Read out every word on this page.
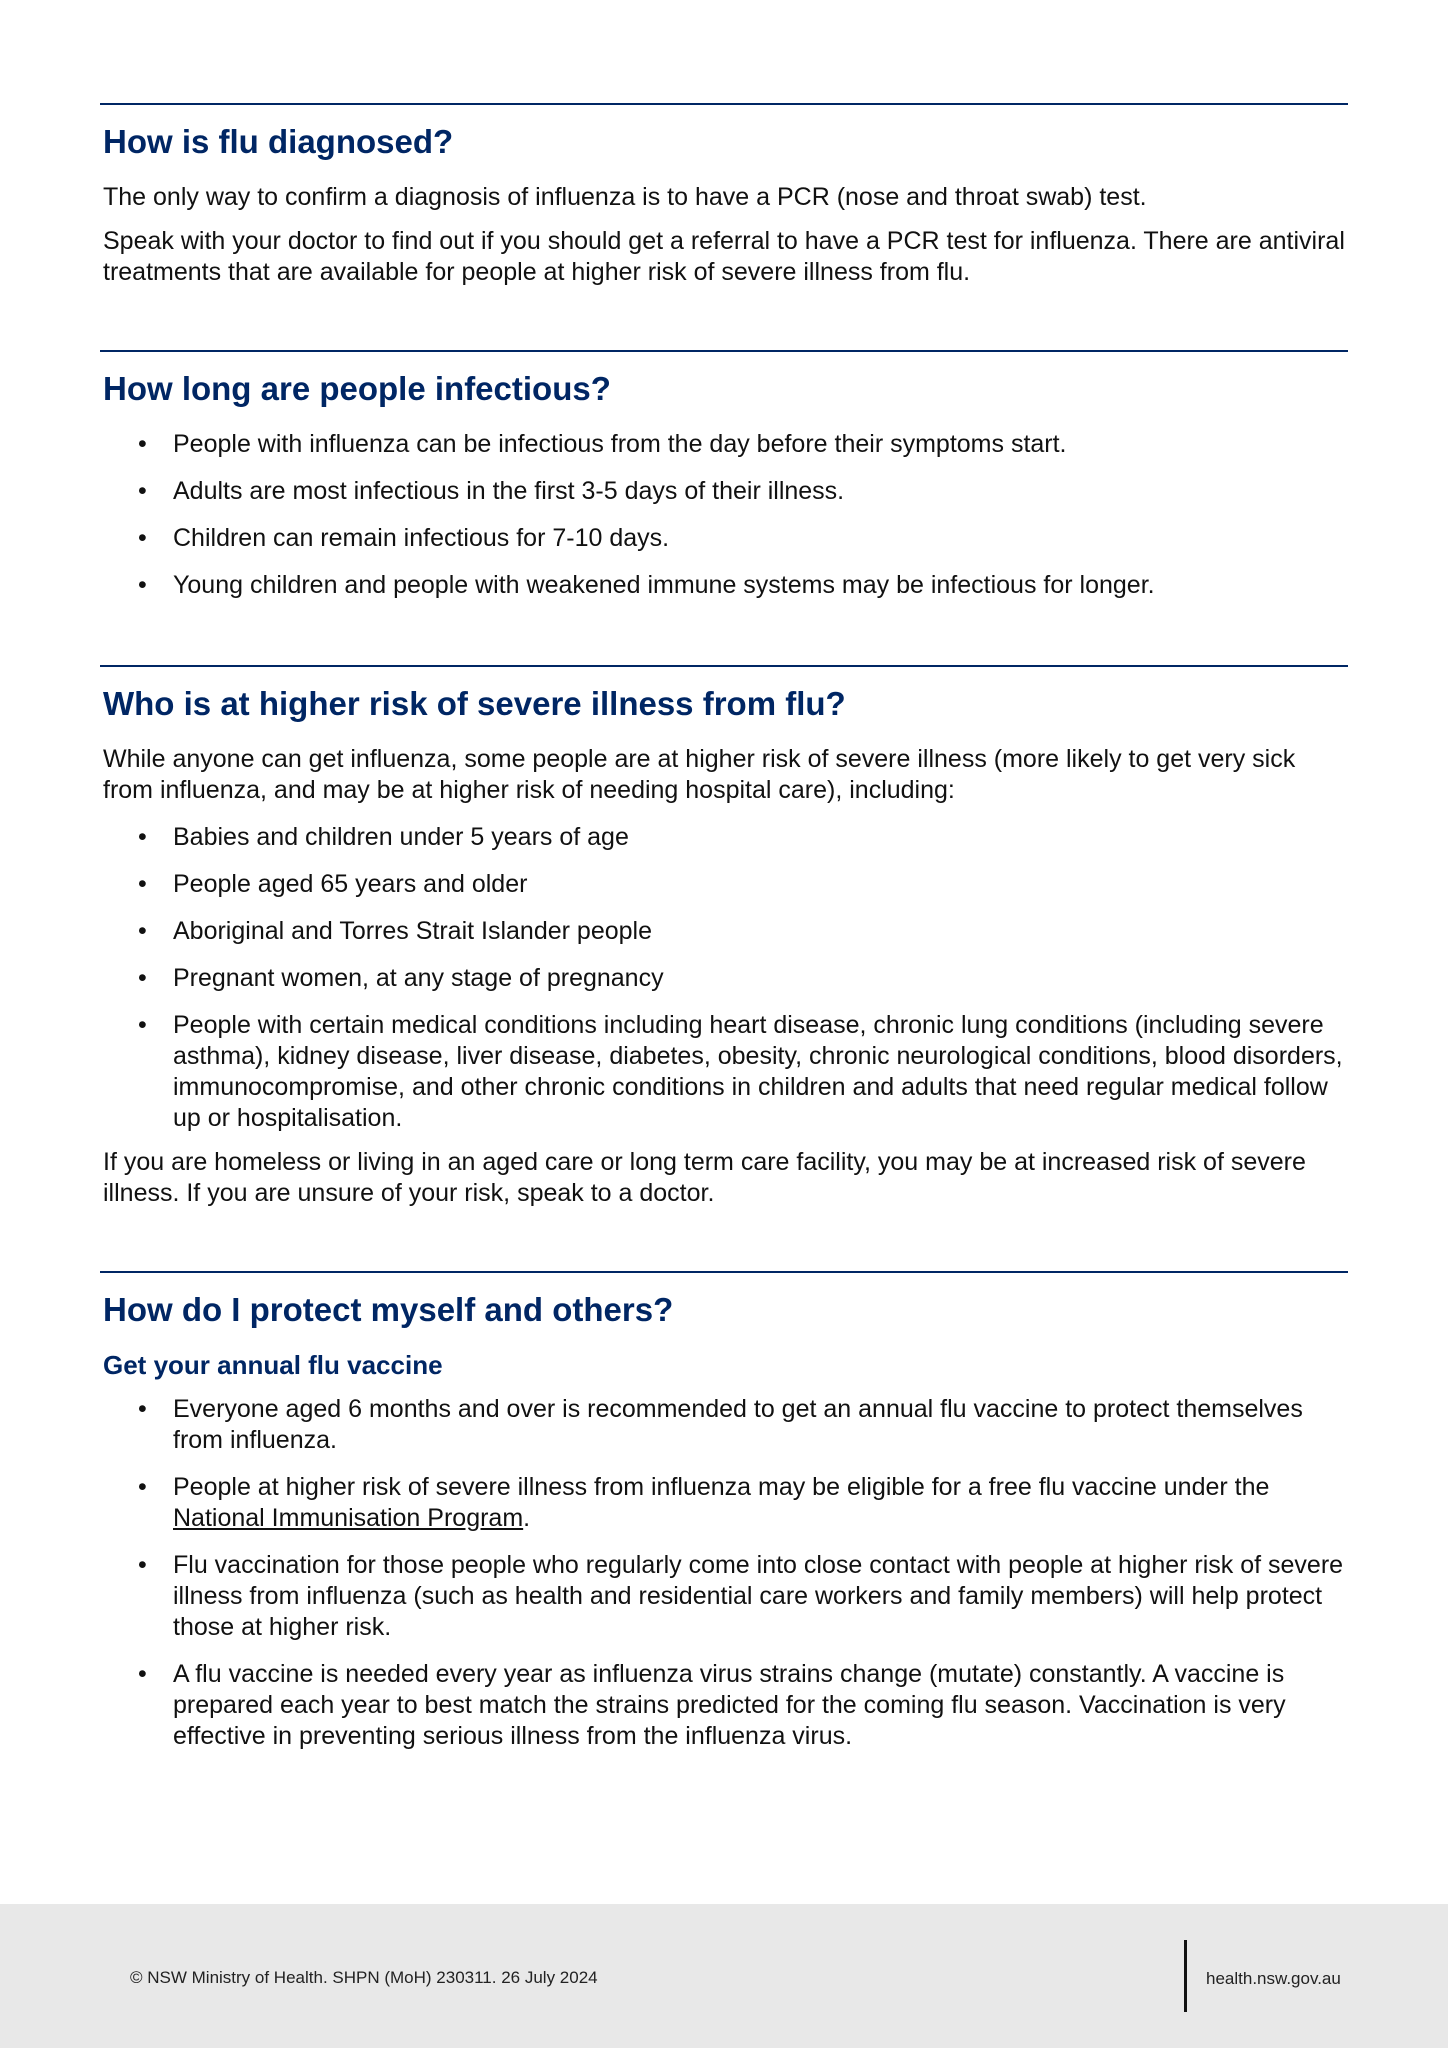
How is flu diagnosed?

The only way to confirm a diagnosis of influenza is to have a PCR (nose and throat swab) test.

Speak with your doctor to find out if you should get a referral to have a PCR test for influenza. There are antiviral treatments that are available for people at higher risk of severe illness from flu.

How long are people infectious?
• People with influenza can be infectious from the day before their symptoms start.
• Adults are most infectious in the first 3-5 days of their illness.
• Children can remain infectious for 7-10 days.
• Young children and people with weakened immune systems may be infectious for longer.
Who is at higher risk of severe illness from flu?

While anyone can get influenza, some people are at higher risk of severe illness (more likely to get very sick from influenza, and may be at higher risk of needing hospital care), including:

• Babies and children under 5 years of age
• People aged 65 years and older
• Aboriginal and Torres Strait Islander people
• Pregnant women, at any stage of pregnancy
• People with certain medical conditions including heart disease, chronic lung conditions (including severe asthma), kidney disease, liver disease, diabetes, obesity, chronic neurological conditions, blood disorders, immunocompromise, and other chronic conditions in children and adults that need regular medical follow up or hospitalisation.

If you are homeless or living in an aged care or long term care facility, you may be at increased risk of severe illness. If you are unsure of your risk, speak to a doctor.

How do I protect myself and others?
Get your annual flu vaccine
• Everyone aged 6 months and over is recommended to get an annual flu vaccine to protect themselves from influenza.
• People at higher risk of severe illness from influenza may be eligible for a free flu vaccine under the National Immunisation Program.
• Flu vaccination for those people who regularly come into close contact with people at higher risk of severe illness from influenza (such as health and residential care workers and family members) will help protect those at higher risk.
• A flu vaccine is needed every year as influenza virus strains change (mutate) constantly. A vaccine is prepared each year to best match the strains predicted for the coming flu season. Vaccination is very effective in preventing serious illness from the influenza virus.
© NSW Ministry of Health. SHPN (MoH) 230311. 26 July 2024	health.nsw.gov.au
